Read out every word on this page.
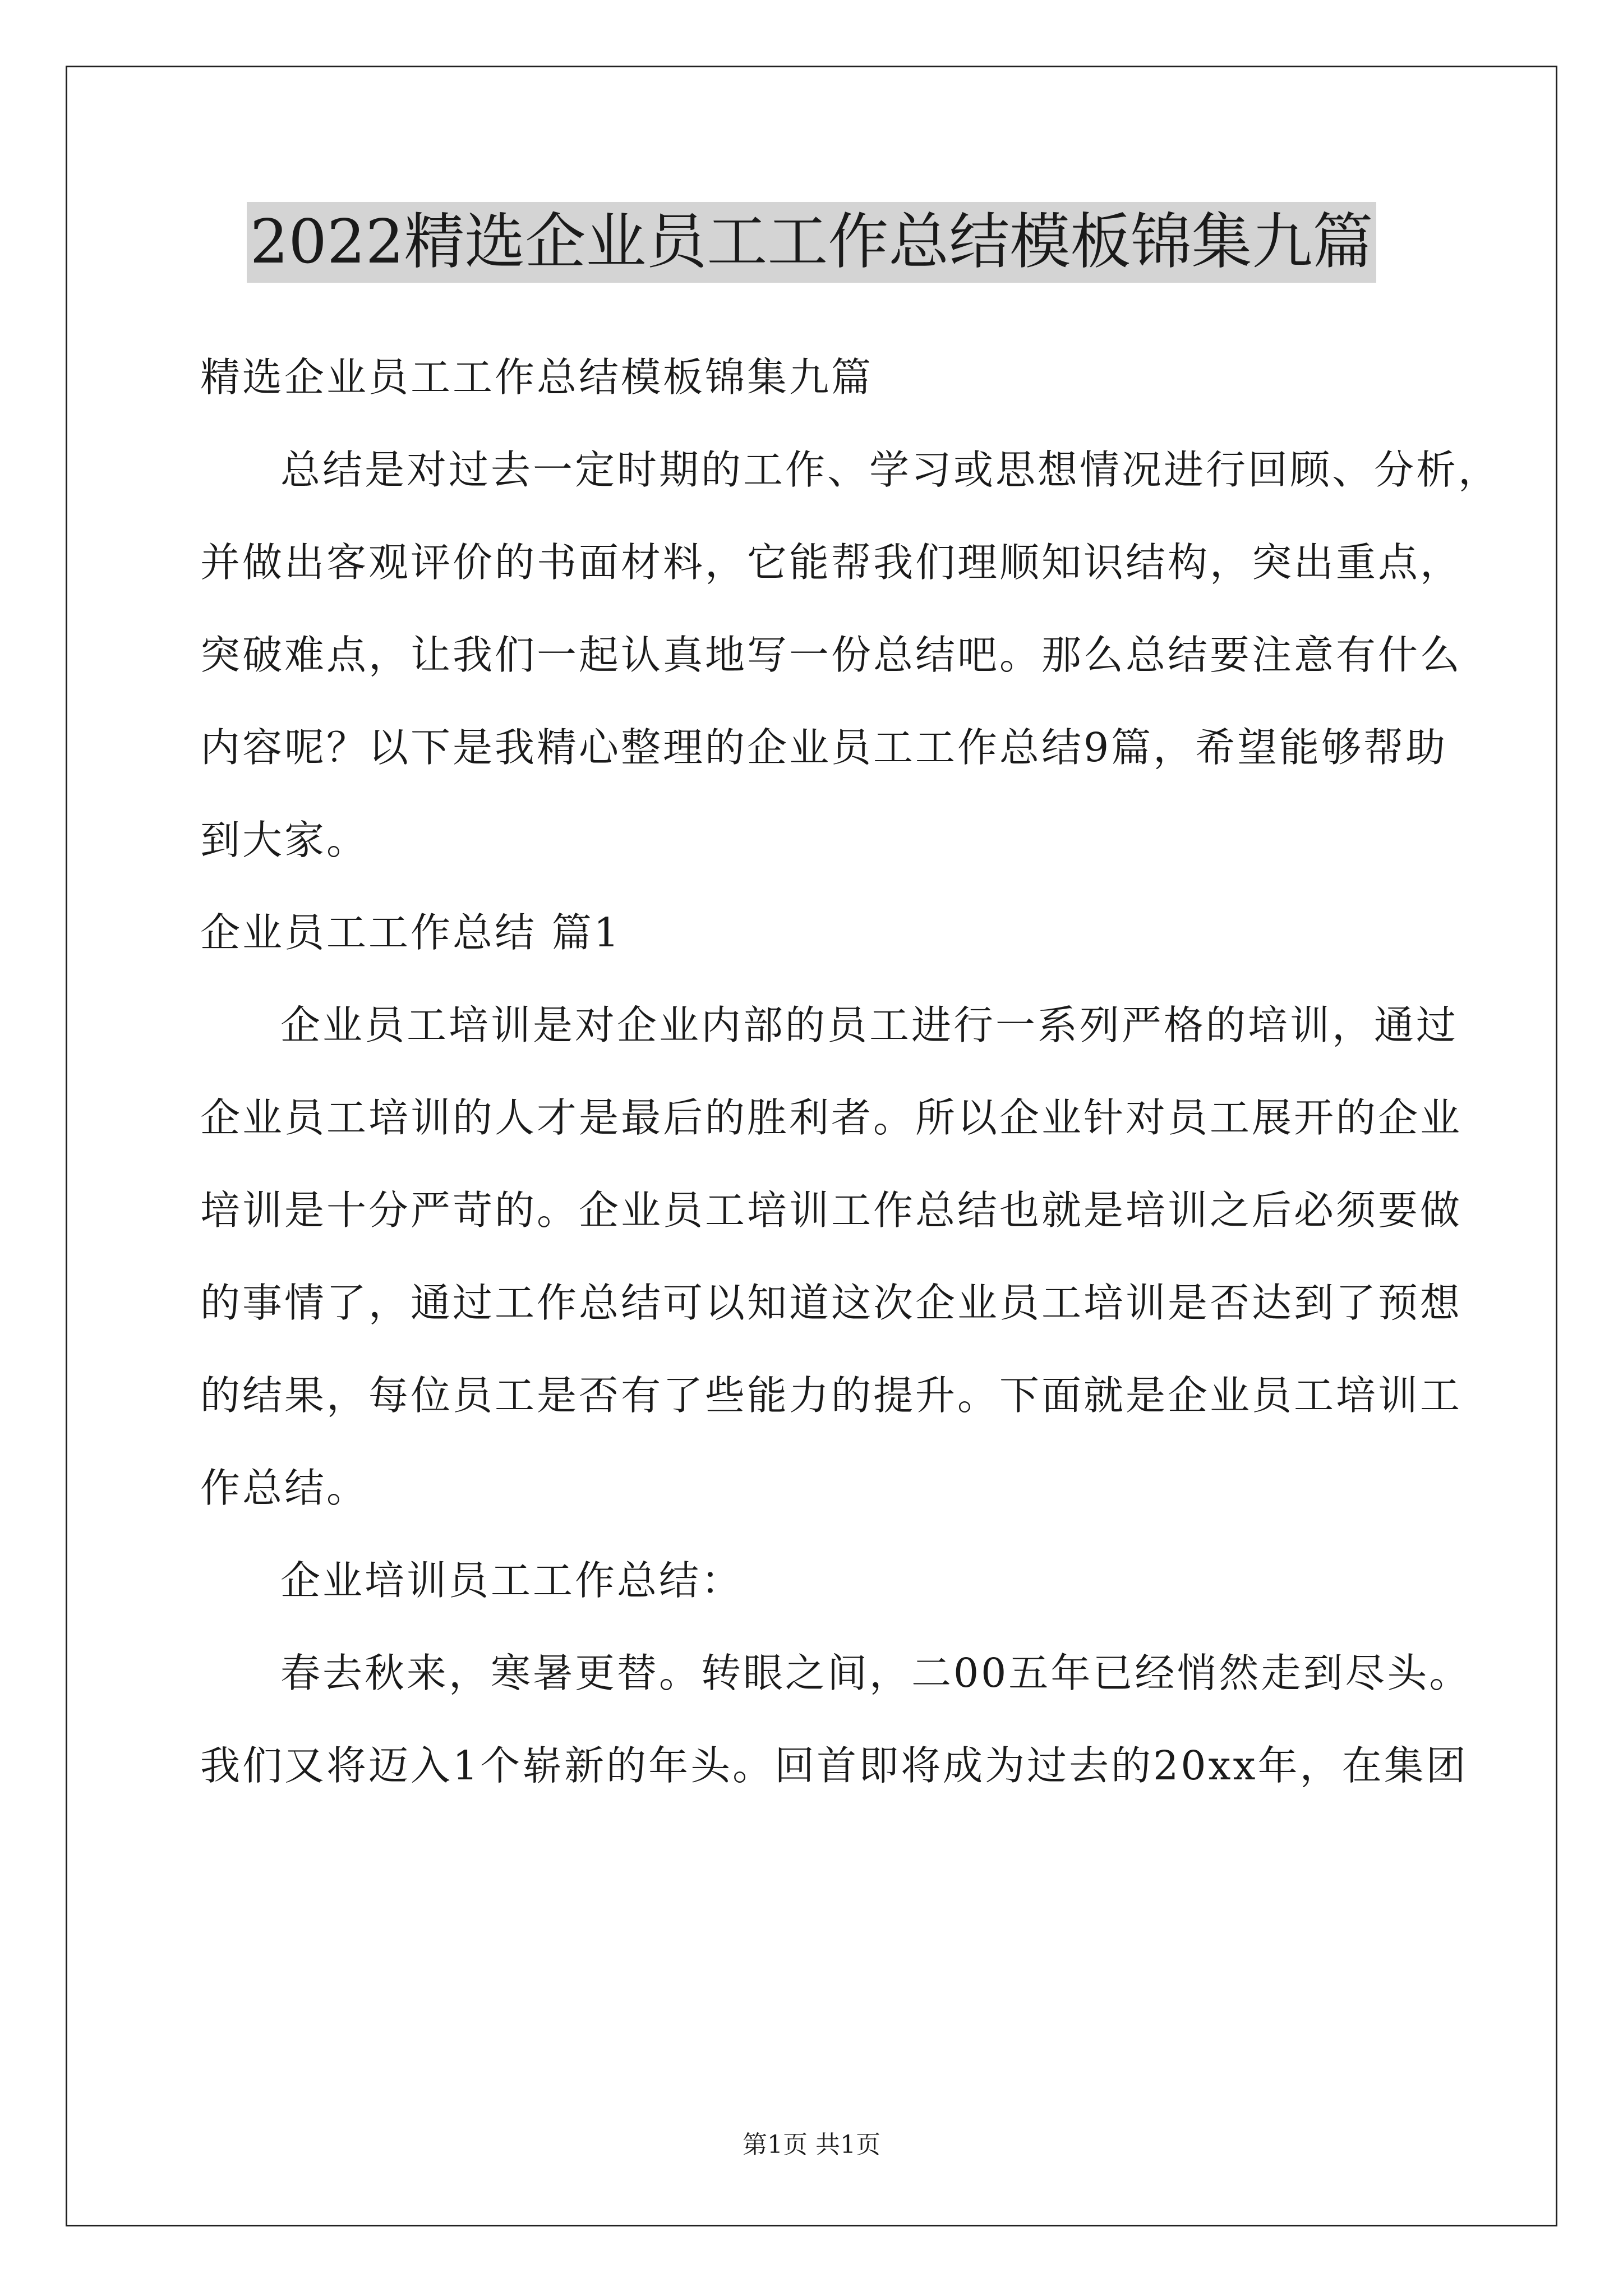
2022精选企业员工工作总结模板锦集九篇
精选企业员工工作总结模板锦集九篇
总结是对过去一定时期的工作、学习或思想情况进行回顾、分析，
并做出客观评价的书面材料，它能帮我们理顺知识结构，突出重点，
突破难点，让我们一起认真地写一份总结吧。那么总结要注意有什么
内容呢？以下是我精心整理的企业员工工作总结9篇，希望能够帮助
到大家。
企业员工工作总结 篇1
企业员工培训是对企业内部的员工进行一系列严格的培训，通过
企业员工培训的人才是最后的胜利者。所以企业针对员工展开的企业
培训是十分严苛的。企业员工培训工作总结也就是培训之后必须要做
的事情了，通过工作总结可以知道这次企业员工培训是否达到了预想
的结果，每位员工是否有了些能力的提升。下面就是企业员工培训工
作总结。
企业培训员工工作总结：
春去秋来，寒暑更替。转眼之间，二00五年已经悄然走到尽头。
我们又将迈入1个崭新的年头。回首即将成为过去的20xx年，在集团
第1页 共1页
